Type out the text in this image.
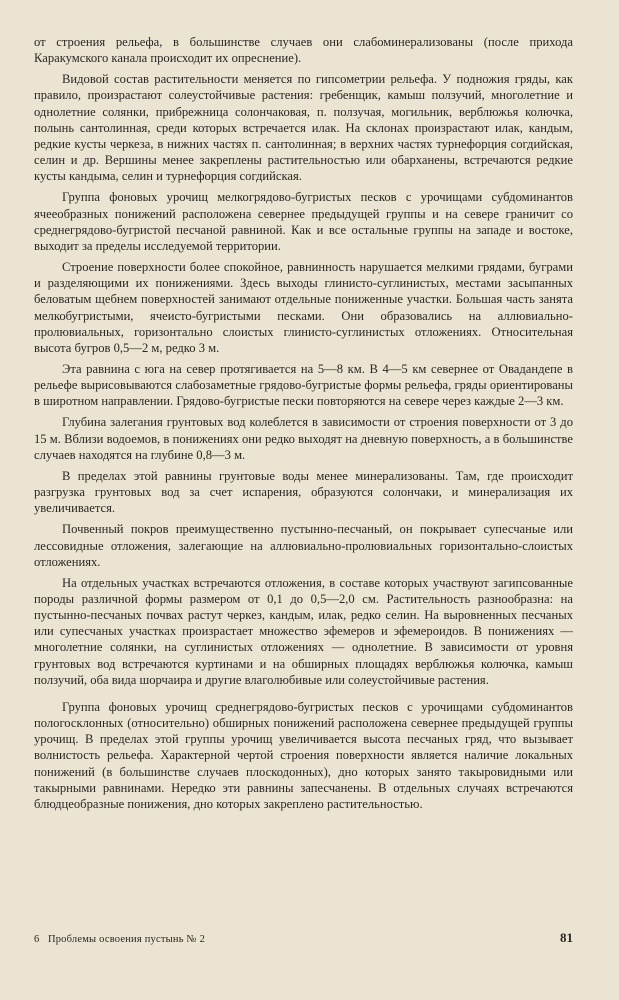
от строения рельефа, в большинстве случаев они слабоминерализованы (после прихода Каракумского канала происходит их опреснение).

Видовой состав растительности меняется по гипсометрии рельефа. У подножия гряды, как правило, произрастают солеустойчивые растения: гребенщик, камыш ползучий, многолетние и однолетние солянки, прибрежница солончаковая, п. ползучая, могильник, верблюжья колючка, полынь сантолинная, среди которых встречается илак. На склонах произрастают илак, кандым, редкие кусты черкеза, в нижних частях п. сантолинная; в верхних частях турнефорция согдийская, селин и др. Вершины менее закреплены растительностью или обарханены, встречаются редкие кусты кандыма, селин и турнефорция согдийская.

Группа фоновых урочищ мелкогрядово-бугристых песков с урочищами субдоминантов ячееобразных понижений расположена севернее предыдущей группы и на севере граничит со среднегрядово-бугристой песчаной равниной. Как и все остальные группы на западе и востоке, выходит за пределы исследуемой территории.

Строение поверхности более спокойное, равнинность нарушается мелкими грядами, буграми и разделяющими их понижениями. Здесь выходы глинисто-суглинистых, местами засыпанных беловатым щебнем поверхностей занимают отдельные пониженные участки. Большая часть занята мелкобугристыми, ячеисто-бугристыми песками. Они образовались на аллювиально-пролювиальных, горизонтально слоистых глинисто-суглинистых отложениях. Относительная высота бугров 0,5—2 м, редко 3 м.

Эта равнина с юга на север протягивается на 5—8 км. В 4—5 км севернее от Овадандепе в рельефе вырисовываются слабозаметные грядово-бугристые формы рельефа, гряды ориентированы в широтном направлении. Грядово-бугристые пески повторяются на севере через каждые 2—3 км.

Глубина залегания грунтовых вод колеблется в зависимости от строения поверхности от 3 до 15 м. Вблизи водоемов, в понижениях они редко выходят на дневную поверхность, а в большинстве случаев находятся на глубине 0,8—3 м.

В пределах этой равнины грунтовые воды менее минерализованы. Там, где происходит разгрузка грунтовых вод за счет испарения, образуются солончаки, и минерализация их увеличивается.

Почвенный покров преимущественно пустынно-песчаный, он покрывает супесчаные или лессовидные отложения, залегающие на аллювиально-пролювиальных горизонтально-слоистых отложениях.

На отдельных участках встречаются отложения, в составе которых участвуют загипсованные породы различной формы размером от 0,1 до 0,5—2,0 см. Растительность разнообразна: на пустынно-песчаных почвах растут черкез, кандым, илак, редко селин. На выровненных песчаных или супесчаных участках произрастает множество эфемеров и эфемероидов. В понижениях — многолетние солянки, на суглинистых отложениях — однолетние. В зависимости от уровня грунтовых вод встречаются куртинами и на обширных площадях верблюжья колючка, камыш ползучий, оба вида шорчаира и другие влаголюбивые или солеустойчивые растения.

Группа фоновых урочищ среднегрядово-бугристых песков с урочищами субдоминантов пологосклонных (относительно) обширных понижений расположена севернее предыдущей группы урочищ. В пределах этой группы урочищ увеличивается высота песчаных гряд, что вызывает волнистость рельефа. Характерной чертой строения поверхности является наличие локальных понижений (в большинстве случаев плоскодонных), дно которых занято такыровидными или такырными равнинами. Нередко эти равнины запесчанены. В отдельных случаях встречаются блюдцеобразные понижения, дно которых закреплено растительностью.

6 Проблемы освоения пустынь № 2	81
